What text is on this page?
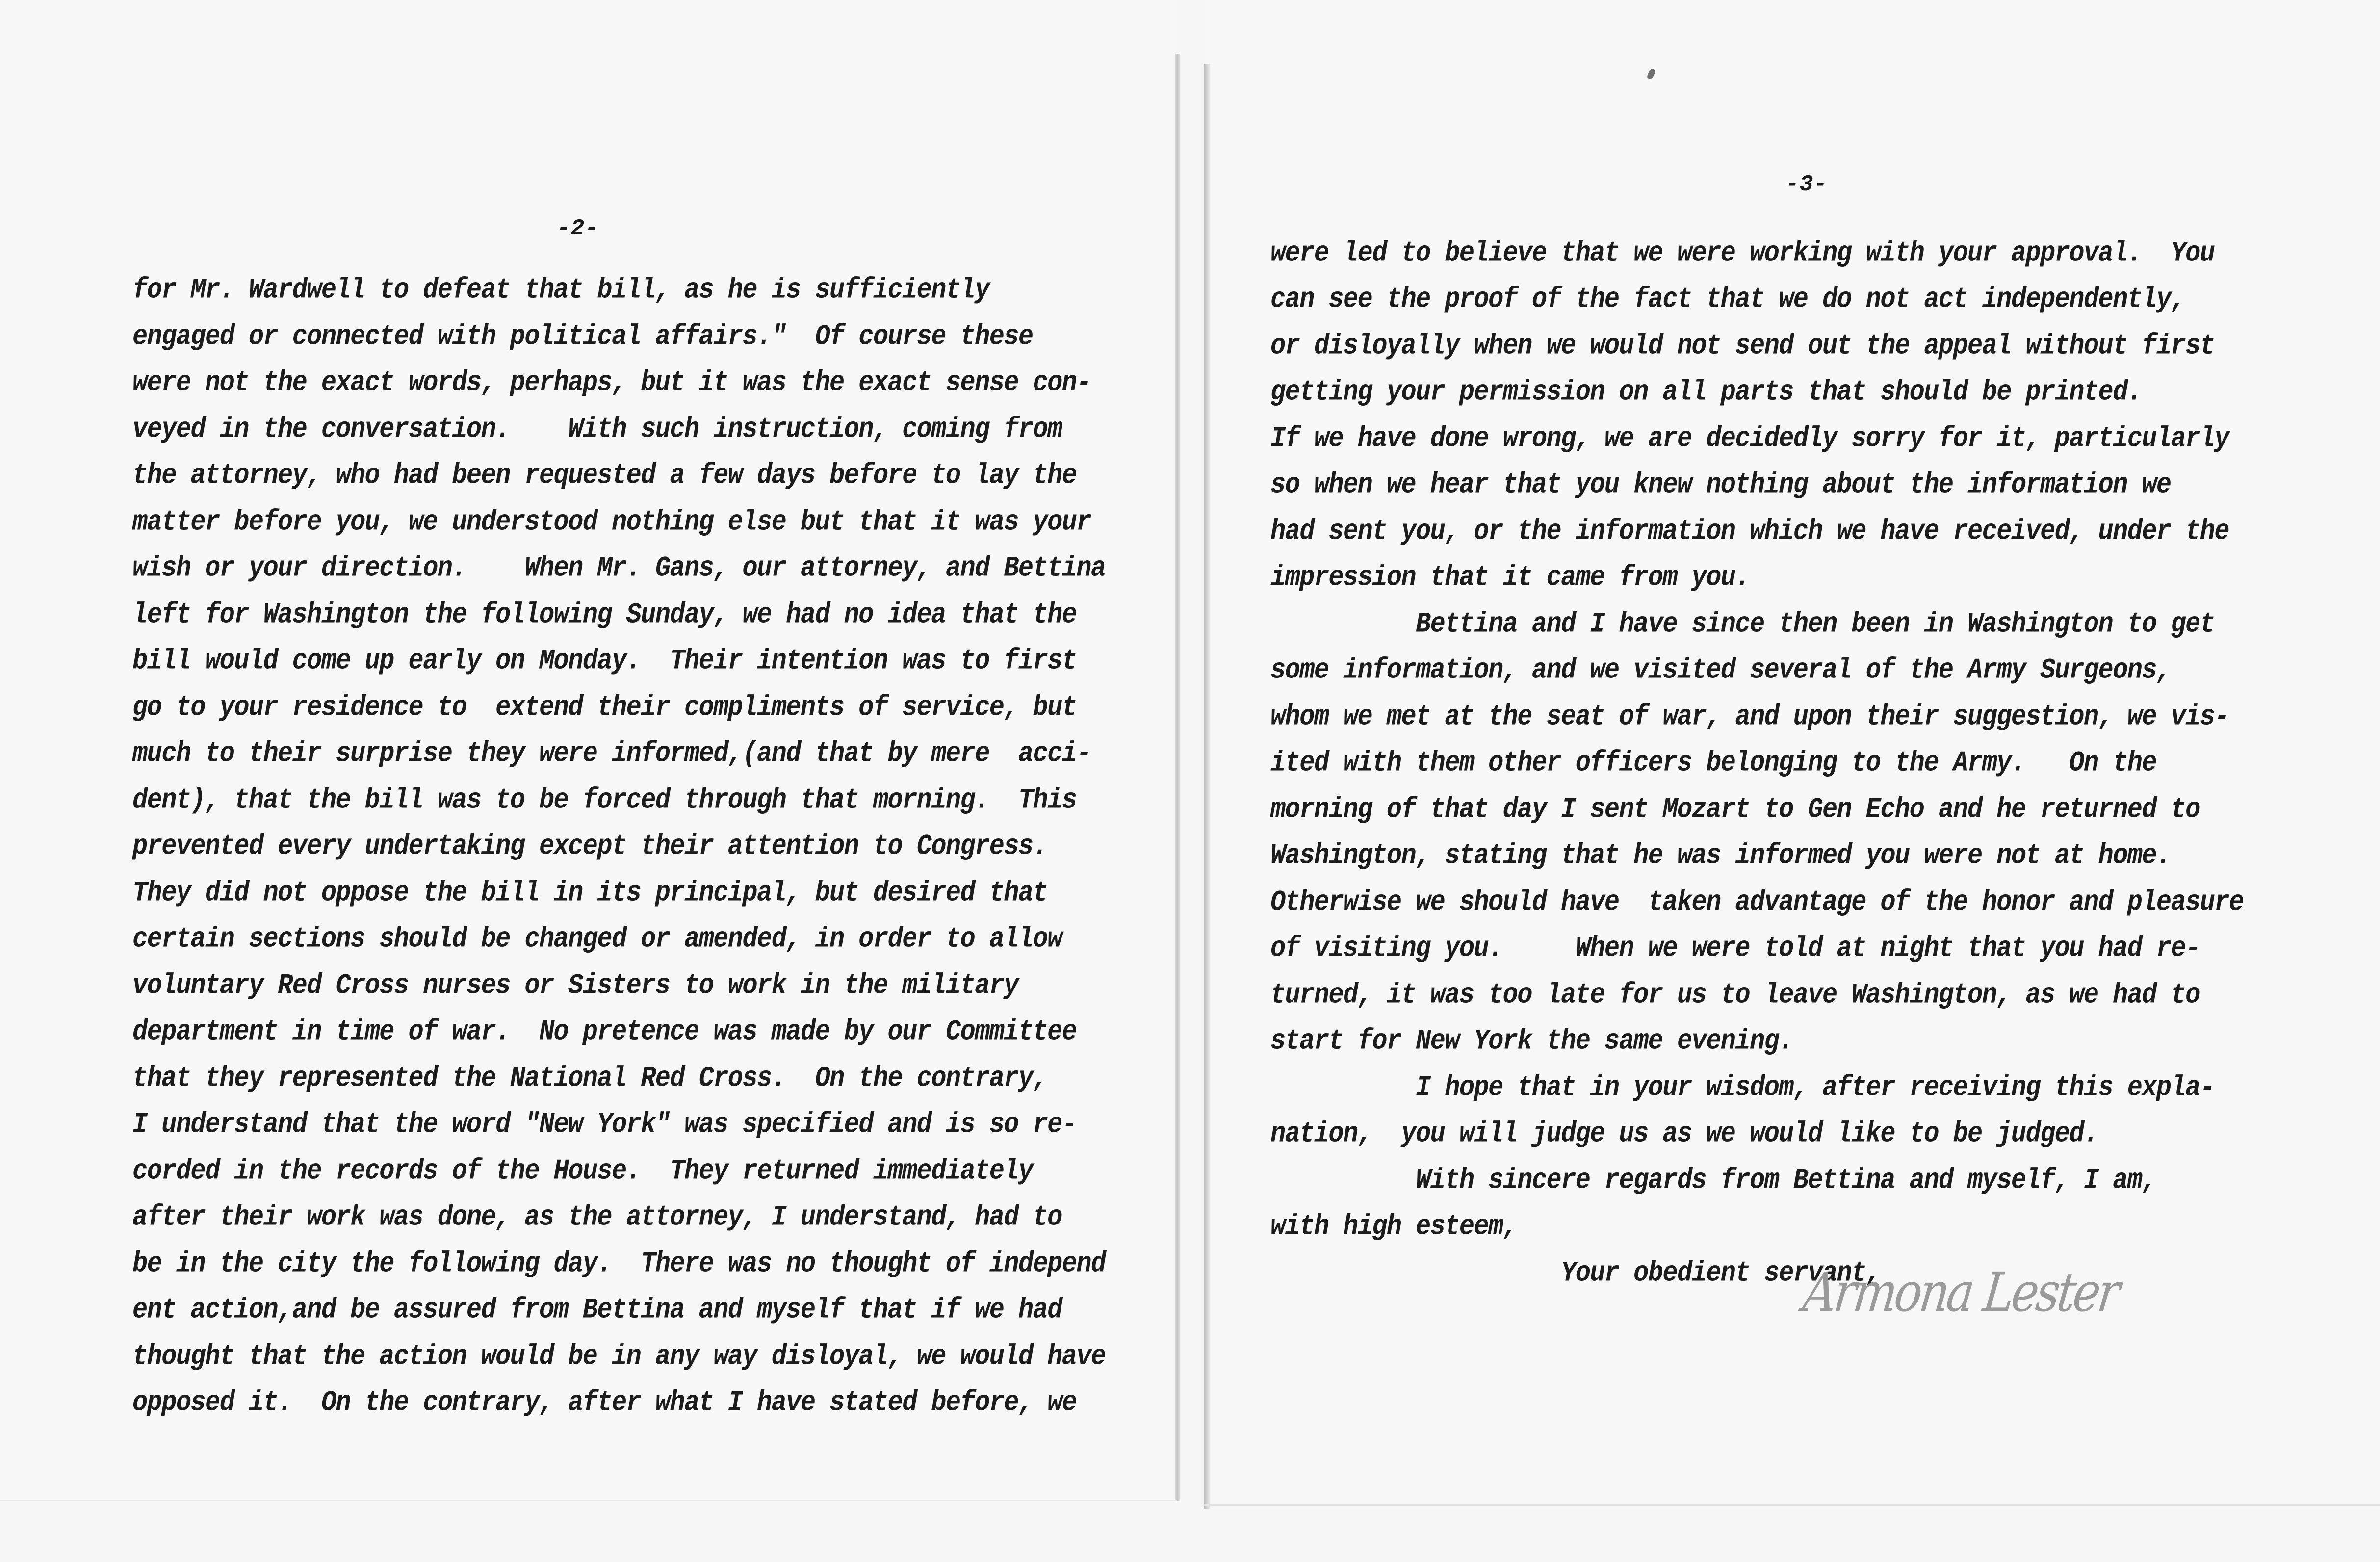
-2-
for Mr. Wardwell to defeat that bill, as he is sufficiently
engaged or connected with political affairs."  Of course these
were not the exact words, perhaps, but it was the exact sense con-
veyed in the conversation.    With such instruction, coming from
the attorney, who had been requested a few days before to lay the
matter before you, we understood nothing else but that it was your
wish or your direction.    When Mr. Gans, our attorney, and Bettina
left for Washington the following Sunday, we had no idea that the
bill would come up early on Monday.  Their intention was to first
go to your residence to  extend their compliments of service, but
much to their surprise they were informed,(and that by mere  acci-
dent), that the bill was to be forced through that morning.  This
prevented every undertaking except their attention to Congress.
They did not oppose the bill in its principal, but desired that
certain sections should be changed or amended, in order to allow
voluntary Red Cross nurses or Sisters to work in the military
department in time of war.  No pretence was made by our Committee
that they represented the National Red Cross.  On the contrary,
I understand that the word "New York" was specified and is so re-
corded in the records of the House.  They returned immediately
after their work was done, as the attorney, I understand, had to
be in the city the following day.  There was no thought of independ
ent action,and be assured from Bettina and myself that if we had
thought that the action would be in any way disloyal, we would have
opposed it.  On the contrary, after what I have stated before, we
-3-
were led to believe that we were working with your approval.  You
can see the proof of the fact that we do not act independently,
or disloyally when we would not send out the appeal without first
getting your permission on all parts that should be printed.
If we have done wrong, we are decidedly sorry for it, particularly
so when we hear that you knew nothing about the information we
had sent you, or the information which we have received, under the
impression that it came from you.
Bettina and I have since then been in Washington to get
some information, and we visited several of the Army Surgeons,
whom we met at the seat of war, and upon their suggestion, we vis-
ited with them other officers belonging to the Army.   On the
morning of that day I sent Mozart to Gen Echo and he returned to
Washington, stating that he was informed you were not at home.
Otherwise we should have  taken advantage of the honor and pleasure
of visiting you.     When we were told at night that you had re-
turned, it was too late for us to leave Washington, as we had to
start for New York the same evening.
I hope that in your wisdom, after receiving this expla-
nation,  you will judge us as we would like to be judged.
With sincere regards from Bettina and myself, I am,
with high esteem,
Your obedient servant,
Armona Lester
